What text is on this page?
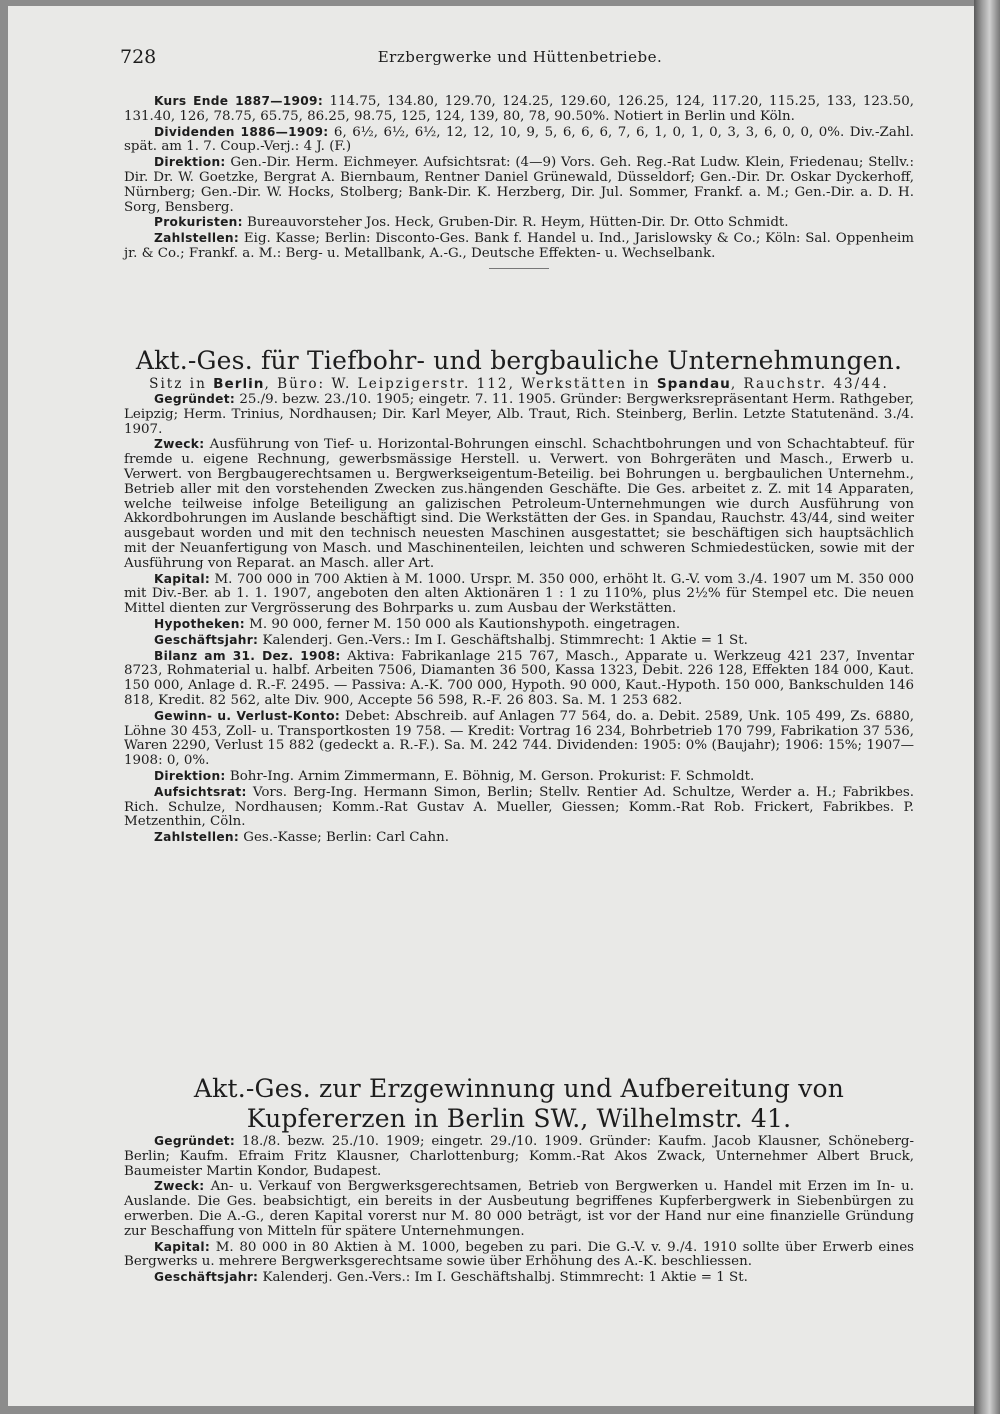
728	Erzbergwerke und Hüttenbetriebe.

Kurs Ende 1887—1909: 114.75, 134.80, 129.70, 124.25, 129.60, 126.25, 124, 117.20, 115.25, 133, 123.50, 131.40, 126, 78.75, 65.75, 86.25, 98.75, 125, 124, 139, 80, 78, 90.50%. Notiert in Berlin und Köln.

Dividenden 1886—1909: 6, 6½, 6½, 6½, 12, 12, 10, 9, 5, 6, 6, 6, 7, 6, 1, 0, 1, 0, 3, 3, 6, 0, 0, 0%. Div.-Zahl. spät. am 1. 7. Coup.-Verj.: 4 J. (F.)

Direktion: Gen.-Dir. Herm. Eichmeyer. Aufsichtsrat: (4—9) Vors. Geh. Reg.-Rat Ludw. Klein, Friedenau; Stellv.: Dir. Dr. W. Goetzke, Bergrat A. Biernbaum, Rentner Daniel Grünewald, Düsseldorf; Gen.-Dir. Dr. Oskar Dyckerhoff, Nürnberg; Gen.-Dir. W. Hocks, Stolberg; Bank-Dir. K. Herzberg, Dir. Jul. Sommer, Frankf. a. M.; Gen.-Dir. a. D. H. Sorg, Bensberg.

Prokuristen: Bureauvorsteher Jos. Heck, Gruben-Dir. R. Heym, Hütten-Dir. Dr. Otto Schmidt.

Zahlstellen: Eig. Kasse; Berlin: Disconto-Ges. Bank f. Handel u. Ind., Jarislowsky & Co.; Köln: Sal. Oppenheim jr. & Co.; Frankf. a. M.: Berg- u. Metallbank, A.-G., Deutsche Effekten- u. Wechselbank.

Akt.-Ges. für Tiefbohr- und bergbauliche Unternehmungen.
Sitz in Berlin, Büro: W. Leipzigerstr. 112, Werkstätten in Spandau, Rauchstr. 43/44.

Gegründet: 25./9. bezw. 23./10. 1905; eingetr. 7. 11. 1905. Gründer: Bergwerksrepräsentant Herm. Rathgeber, Leipzig; Herm. Trinius, Nordhausen; Dir. Karl Meyer, Alb. Traut, Rich. Steinberg, Berlin. Letzte Statutenänd. 3./4. 1907.

Zweck: Ausführung von Tief- u. Horizontal-Bohrungen einschl. Schachtbohrungen und von Schachtabteuf. für fremde u. eigene Rechnung, gewerbsmässige Herstell. u. Verwert. von Bohrgeräten und Masch., Erwerb u. Verwert. von Bergbaugerechtsamen u. Bergwerkseigentum-Beteilig. bei Bohrungen u. bergbaulichen Unternehm., Betrieb aller mit den vorstehenden Zwecken zus.hängenden Geschäfte. Die Ges. arbeitet z. Z. mit 14 Apparaten, welche teilweise infolge Beteiligung an galizischen Petroleum-Unternehmungen wie durch Ausführung von Akkordbohrungen im Auslande beschäftigt sind. Die Werkstätten der Ges. in Spandau, Rauchstr. 43/44, sind weiter ausgebaut worden und mit den technisch neuesten Maschinen ausgestattet; sie beschäftigen sich hauptsächlich mit der Neuanfertigung von Masch. und Maschinenteilen, leichten und schweren Schmiedestücken, sowie mit der Ausführung von Reparat. an Masch. aller Art.

Kapital: M. 700 000 in 700 Aktien à M. 1000. Urspr. M. 350 000, erhöht lt. G.-V. vom 3./4. 1907 um M. 350 000 mit Div.-Ber. ab 1. 1. 1907, angeboten den alten Aktionären 1 : 1 zu 110%, plus 2½% für Stempel etc. Die neuen Mittel dienten zur Vergrösserung des Bohrparks u. zum Ausbau der Werkstätten.

Hypotheken: M. 90 000, ferner M. 150 000 als Kautionshypoth. eingetragen.

Geschäftsjahr: Kalenderj. Gen.-Vers.: Im I. Geschäftshalbj. Stimmrecht: 1 Aktie = 1 St.

Bilanz am 31. Dez. 1908: Aktiva: Fabrikanlage 215 767, Masch., Apparate u. Werkzeug 421 237, Inventar 8723, Rohmaterial u. halbf. Arbeiten 7506, Diamanten 36 500, Kassa 1323, Debit. 226 128, Effekten 184 000, Kaut. 150 000, Anlage d. R.-F. 2495. — Passiva: A.-K. 700 000, Hypoth. 90 000, Kaut.-Hypoth. 150 000, Bankschulden 146 818, Kredit. 82 562, alte Div. 900, Accepte 56 598, R.-F. 26 803. Sa. M. 1 253 682.

Gewinn- u. Verlust-Konto: Debet: Abschreib. auf Anlagen 77 564, do. a. Debit. 2589, Unk. 105 499, Zs. 6880, Löhne 30 453, Zoll- u. Transportkosten 19 758. — Kredit: Vortrag 16 234, Bohrbetrieb 170 799, Fabrikation 37 536, Waren 2290, Verlust 15 882 (gedeckt a. R.-F.). Sa. M. 242 744. Dividenden: 1905: 0% (Baujahr); 1906: 15%; 1907—1908: 0, 0%.

Direktion: Bohr-Ing. Arnim Zimmermann, E. Böhnig, M. Gerson. Prokurist: F. Schmoldt.

Aufsichtsrat: Vors. Berg-Ing. Hermann Simon, Berlin; Stellv. Rentier Ad. Schultze, Werder a. H.; Fabrikbes. Rich. Schulze, Nordhausen; Komm.-Rat Gustav A. Mueller, Giessen; Komm.-Rat Rob. Frickert, Fabrikbes. P. Metzenthin, Cöln.

Zahlstellen: Ges.-Kasse; Berlin: Carl Cahn.

Akt.-Ges. zur Erzgewinnung und Aufbereitung von
Kupfererzen in Berlin SW., Wilhelmstr. 41.

Gegründet: 18./8. bezw. 25./10. 1909; eingetr. 29./10. 1909. Gründer: Kaufm. Jacob Klausner, Schöneberg-Berlin; Kaufm. Efraim Fritz Klausner, Charlottenburg; Komm.-Rat Akos Zwack, Unternehmer Albert Bruck, Baumeister Martin Kondor, Budapest.

Zweck: An- u. Verkauf von Bergwerksgerechtsamen, Betrieb von Bergwerken u. Handel mit Erzen im In- u. Auslande. Die Ges. beabsichtigt, ein bereits in der Ausbeutung begriffenes Kupferbergwerk in Siebenbürgen zu erwerben. Die A.-G., deren Kapital vorerst nur M. 80 000 beträgt, ist vor der Hand nur eine finanzielle Gründung zur Beschaffung von Mitteln für spätere Unternehmungen.

Kapital: M. 80 000 in 80 Aktien à M. 1000, begeben zu pari. Die G.-V. v. 9./4. 1910 sollte über Erwerb eines Bergwerks u. mehrere Bergwerksgerechtsame sowie über Erhöhung des A.-K. beschliessen.

Geschäftsjahr: Kalenderj. Gen.-Vers.: Im I. Geschäftshalbj. Stimmrecht: 1 Aktie = 1 St.
